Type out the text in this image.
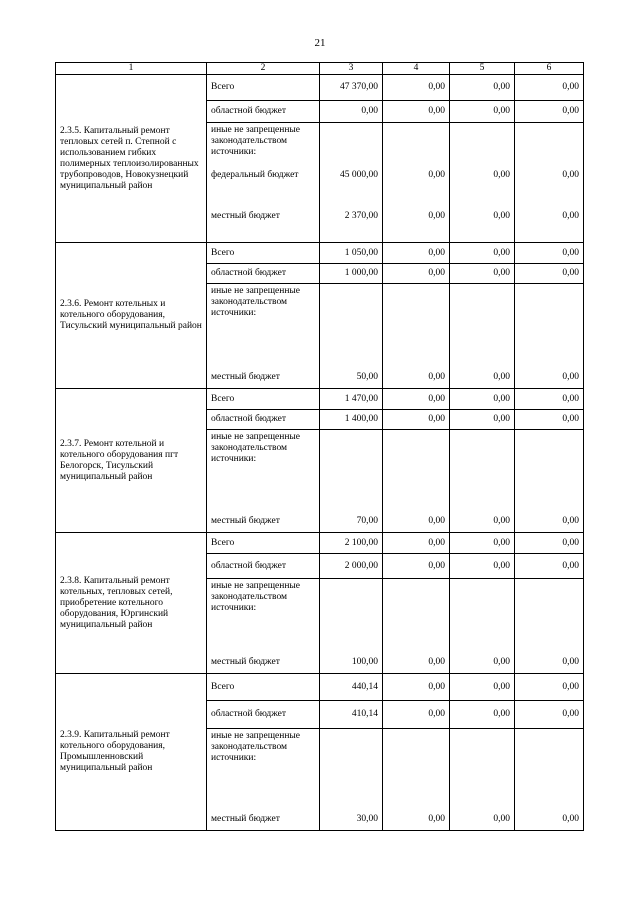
21
1	2	3	4	5	6
2.3.5. Капитальный ремонт тепловых сетей п. Степной с использованием гибких полимерных теплоизолированных трубопроводов, Новокузнецкий муниципальный район	Всего	47 370,00	0,00	0,00	0,00
	областной бюджет	0,00	0,00	0,00	0,00
	иные не запрещенные законодательством источники:				
	федеральный бюджет	45 000,00	0,00	0,00	0,00
	местный бюджет	2 370,00	0,00	0,00	0,00
2.3.6. Ремонт котельных и котельного оборудования, Тисульский муниципальный район	Всего	1 050,00	0,00	0,00	0,00
	областной бюджет	1 000,00	0,00	0,00	0,00
	иные не запрещенные законодательством источники:				
	местный бюджет	50,00	0,00	0,00	0,00
2.3.7. Ремонт котельной и котельного оборудования пгт Белогорск, Тисульский муниципальный район	Всего	1 470,00	0,00	0,00	0,00
	областной бюджет	1 400,00	0,00	0,00	0,00
	иные не запрещенные законодательством источники:				
	местный бюджет	70,00	0,00	0,00	0,00
2.3.8. Капитальный ремонт котельных, тепловых сетей, приобретение котельного оборудования, Юргинский муниципальный район	Всего	2 100,00	0,00	0,00	0,00
	областной бюджет	2 000,00	0,00	0,00	0,00
	иные не запрещенные законодательством источники:				
	местный бюджет	100,00	0,00	0,00	0,00
2.3.9. Капитальный ремонт котельного оборудования, Промышленновский муниципальный район	Всего	440,14	0,00	0,00	0,00
	областной бюджет	410,14	0,00	0,00	0,00
	иные не запрещенные законодательством источники:				
	местный бюджет	30,00	0,00	0,00	0,00
